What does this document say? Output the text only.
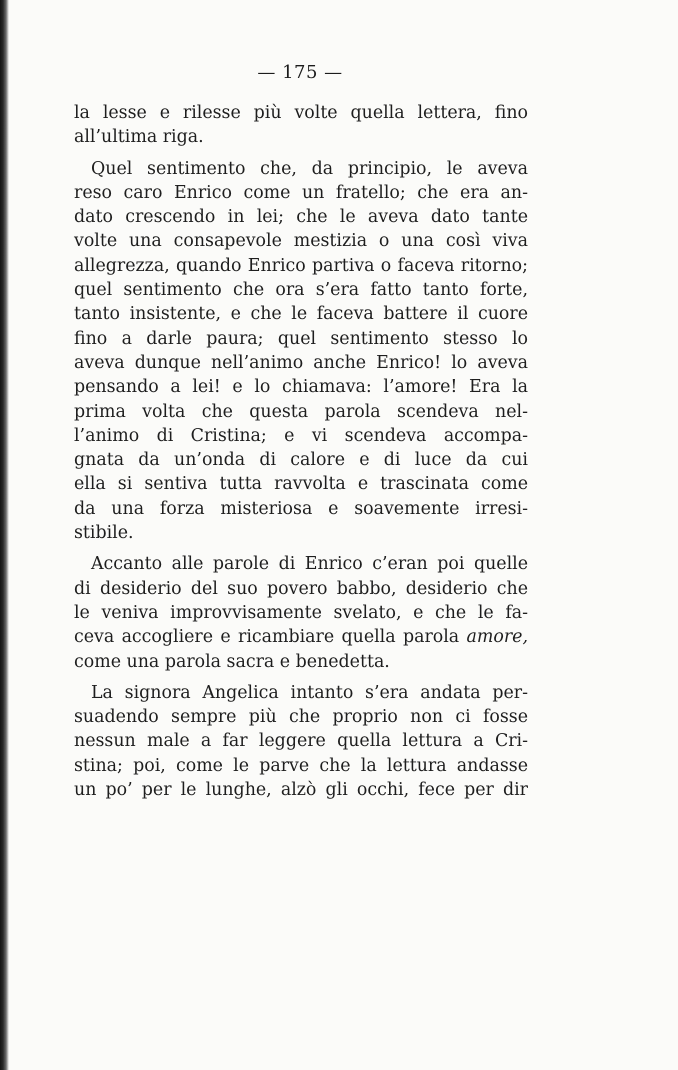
— 175 —
la lesse e rilesse più volte quella lettera, fino
all’ultima riga.
Quel sentimento che, da principio, le aveva
reso caro Enrico come un fratello; che era an-
dato crescendo in lei; che le aveva dato tante
volte una consapevole mestizia o una così viva
allegrezza, quando Enrico partiva o faceva ritorno;
quel sentimento che ora s’era fatto tanto forte,
tanto insistente, e che le faceva battere il cuore
fino a darle paura; quel sentimento stesso lo
aveva dunque nell’animo anche Enrico! lo aveva
pensando a lei! e lo chiamava: l’amore! Era la
prima volta che questa parola scendeva nel-
l’animo di Cristina; e vi scendeva accompa-
gnata da un’onda di calore e di luce da cui
ella si sentiva tutta ravvolta e trascinata come
da una forza misteriosa e soavemente irresi-
stibile.
Accanto alle parole di Enrico c’eran poi quelle
di desiderio del suo povero babbo, desiderio che
le veniva improvvisamente svelato, e che le fa-
ceva accogliere e ricambiare quella parola amore,
come una parola sacra e benedetta.
La signora Angelica intanto s’era andata per-
suadendo sempre più che proprio non ci fosse
nessun male a far leggere quella lettura a Cri-
stina; poi, come le parve che la lettura andasse
un po’ per le lunghe, alzò gli occhi, fece per dir
